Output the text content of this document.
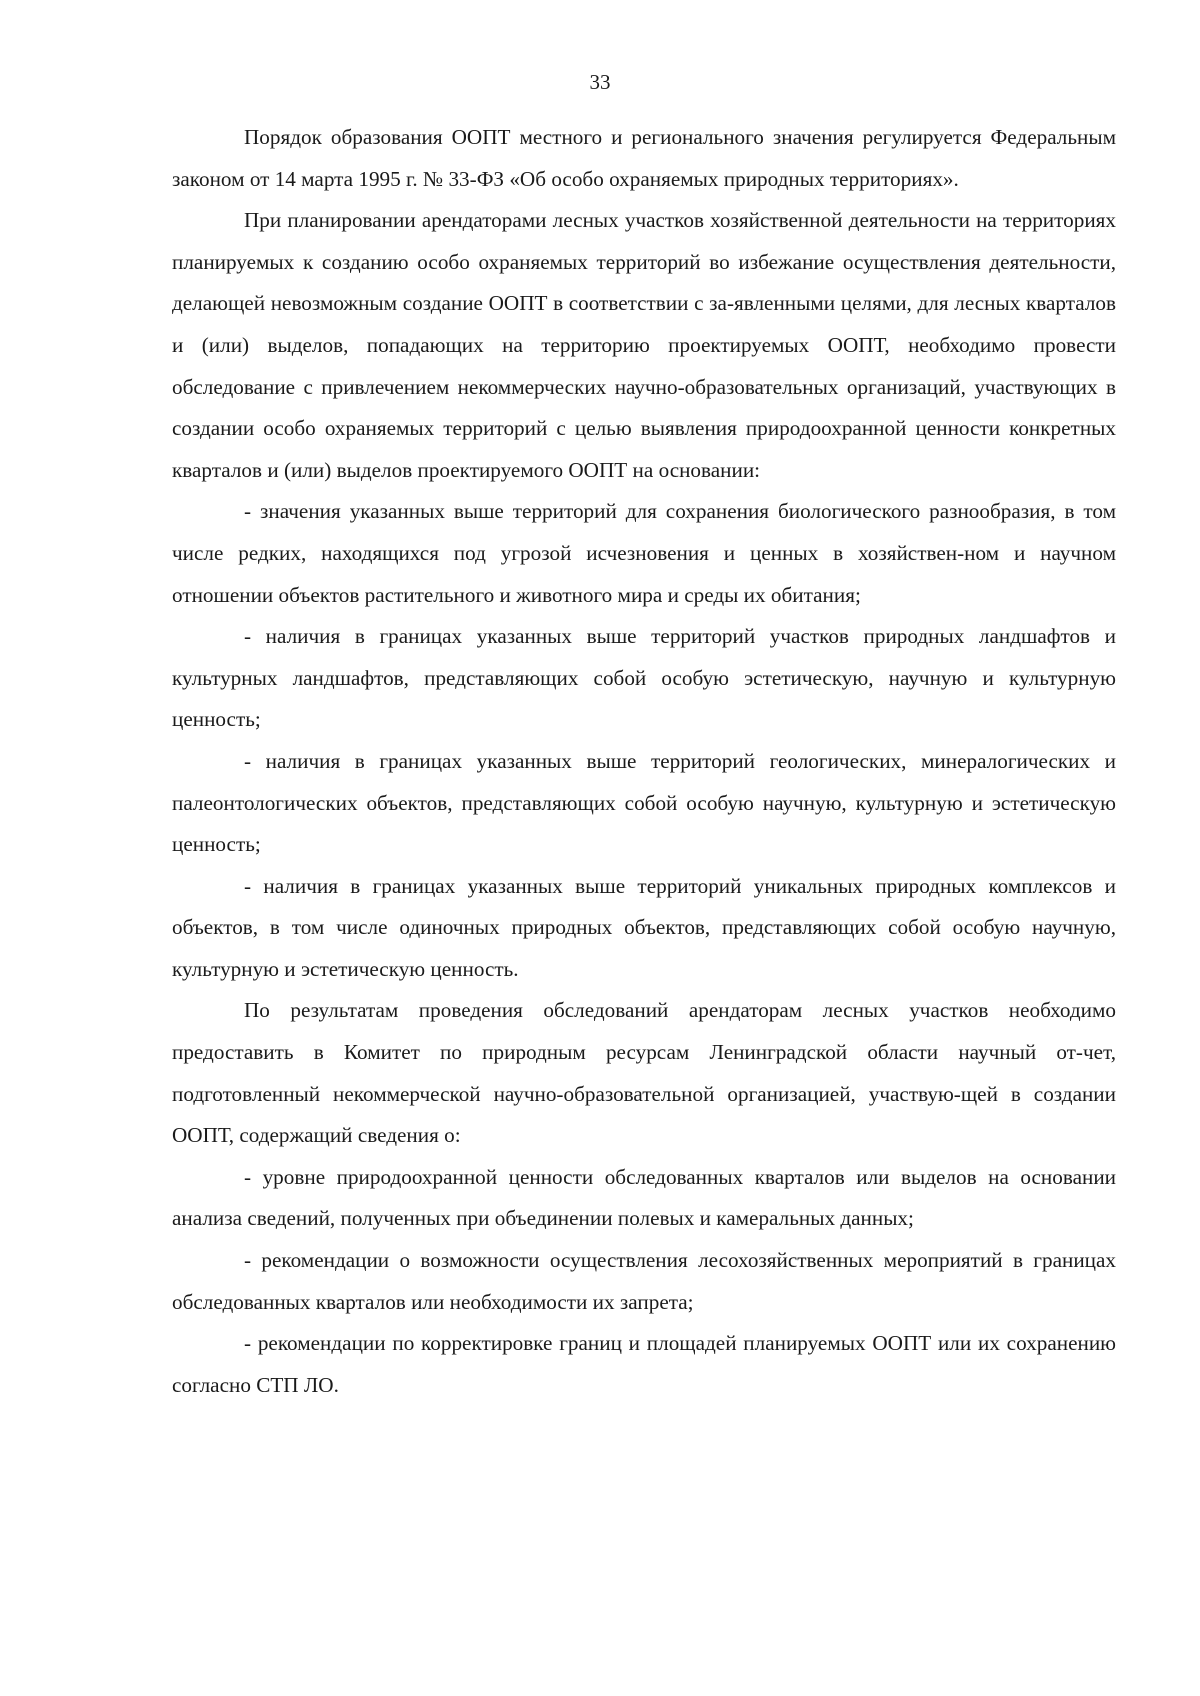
33

Порядок образования ООПТ местного и регионального значения регулируется Федеральным законом от 14 марта 1995 г. № 33-ФЗ «Об особо охраняемых природных территориях».

При планировании арендаторами лесных участков хозяйственной деятельности на территориях планируемых к созданию особо охраняемых территорий во избежание осуществления деятельности, делающей невозможным создание ООПТ в соответствии с за-явленными целями, для лесных кварталов и (или) выделов, попадающих на территорию проектируемых ООПТ, необходимо провести обследование с привлечением некоммерческих научно-образовательных организаций, участвующих в создании особо охраняемых территорий с целью выявления природоохранной ценности конкретных кварталов и (или) выделов проектируемого ООПТ на основании:

- значения указанных выше территорий для сохранения биологического разнообразия, в том числе редких, находящихся под угрозой исчезновения и ценных в хозяйствен-ном и научном отношении объектов растительного и животного мира и среды их обитания;

- наличия в границах указанных выше территорий участков природных ландшафтов и культурных ландшафтов, представляющих собой особую эстетическую, научную и культурную ценность;

- наличия в границах указанных выше территорий геологических, минералогических и палеонтологических объектов, представляющих собой особую научную, культурную и эстетическую ценность;

- наличия в границах указанных выше территорий уникальных природных комплексов и объектов, в том числе одиночных природных объектов, представляющих собой особую научную, культурную и эстетическую ценность.

По результатам проведения обследований арендаторам лесных участков необходимо предоставить в Комитет по природным ресурсам Ленинградской области научный от-чет, подготовленный некоммерческой научно-образовательной организацией, участвую-щей в создании ООПТ, содержащий сведения о:

- уровне природоохранной ценности обследованных кварталов или выделов на основании анализа сведений, полученных при объединении полевых и камеральных данных;

- рекомендации о возможности осуществления лесохозяйственных мероприятий в границах обследованных кварталов или необходимости их запрета;

- рекомендации по корректировке границ и площадей планируемых ООПТ или их сохранению согласно СТП ЛО.
